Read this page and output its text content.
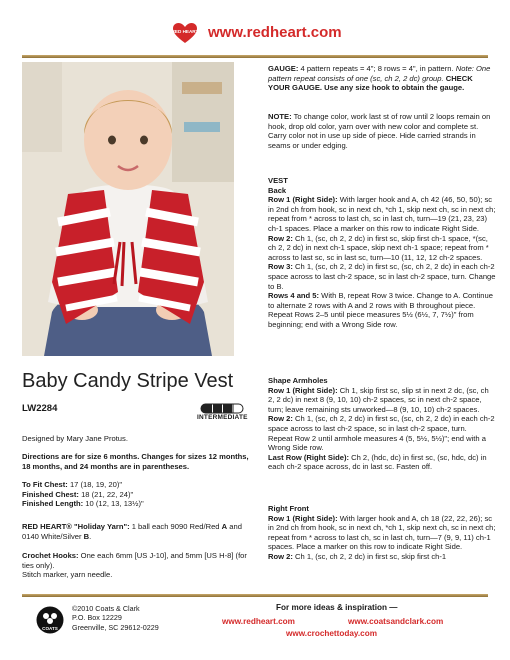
RED HEART www.redheart.com
Baby Candy Stripe Vest
LW2284
INTERMEDIATE

Designed by Mary Jane Protus.

Directions are for size 6 months. Changes for sizes 12 months, 18 months, and 24 months are in parentheses.

To Fit Chest: 17 (18, 19, 20)"
Finished Chest: 18 (21, 22, 24)"
Finished Length: 10 (12, 13, 13½)"

RED HEART® "Holiday Yarn": 1 ball each 9090 Red/Red A and 0140 White/Silver B.

Crochet Hooks: One each 6mm [US J-10], and 5mm [US H-8] (for ties only).
Stitch marker, yarn needle.

GAUGE: 4 pattern repeats = 4"; 8 rows = 4", in pattern. Note: One pattern repeat consists of one (sc, ch 2, 2 dc) group. CHECK YOUR GAUGE. Use any size hook to obtain the gauge.

NOTE: To change color, work last st of row until 2 loops remain on hook, drop old color, yarn over with new color and complete st. Carry color not in use up side of piece. Hide carried strands in seams or under edging.

VEST
Back
Row 1 (Right Side): With larger hook and A, ch 42 (46, 50, 50); sc in 2nd ch from hook, sc in next ch, *ch 1, skip next ch, sc in next ch; repeat from * across to last ch, sc in last ch, turn—19 (21, 23, 23) ch-1 spaces. Place a marker on this row to indicate Right Side.
Row 2: Ch 1, (sc, ch 2, 2 dc) in first sc, skip first ch-1 space, *(sc, ch 2, 2 dc) in next ch-1 space, skip next ch-1 space; repeat from * across to last sc, sc in last sc, turn—10 (11, 12, 12 ch-2 spaces.
Row 3: Ch 1, (sc, ch 2, 2 dc) in first sc, (sc, ch 2, 2 dc) in each ch-2 space across to last ch-2 space, sc in last ch-2 space, turn. Change to B.
Rows 4 and 5: With B, repeat Row 3 twice. Change to A. Continue to alternate 2 rows with A and 2 rows with B throughout piece.
Repeat Rows 2–5 until piece measures 5½ (6½, 7, 7½)" from beginning; end with a Wrong Side row.

Shape Armholes
Row 1 (Right Side): Ch 1, skip first sc, slip st in next 2 dc, (sc, ch 2, 2 dc) in next 8 (9, 10, 10) ch-2 spaces, sc in next ch-2 space, turn; leave remaining sts unworked—8 (9, 10, 10) ch-2 spaces.
Row 2: Ch 1, (sc, ch 2, 2 dc) in first sc, (sc, ch 2, 2 dc) in each ch-2 space across to last ch-2 space, sc in last ch-2 space, turn.
Repeat Row 2 until armhole measures 4 (5, 5½, 5½)"; end with a Wrong Side row.
Last Row (Right Side): Ch 2, (hdc, dc) in first sc, (sc, hdc, dc) in each ch-2 space across, dc in last sc. Fasten off.

Right Front
Row 1 (Right Side): With larger hook and A, ch 18 (22, 22, 26); sc in 2nd ch from hook, sc in next ch, *ch 1, skip next ch, sc in next ch; repeat from * across to last ch, sc in last ch, turn—7 (9, 9, 11) ch-1 spaces. Place a marker on this row to indicate Right Side.
Row 2: Ch 1, (sc, ch 2, 2 dc) in first sc, skip first ch-1

COATS
©2010 Coats & Clark
P.O. Box 12229
Greenville, SC 29612-0229
For more ideas & inspiration —
www.redheart.com	www.coatsandclark.com
www.crochettoday.com
